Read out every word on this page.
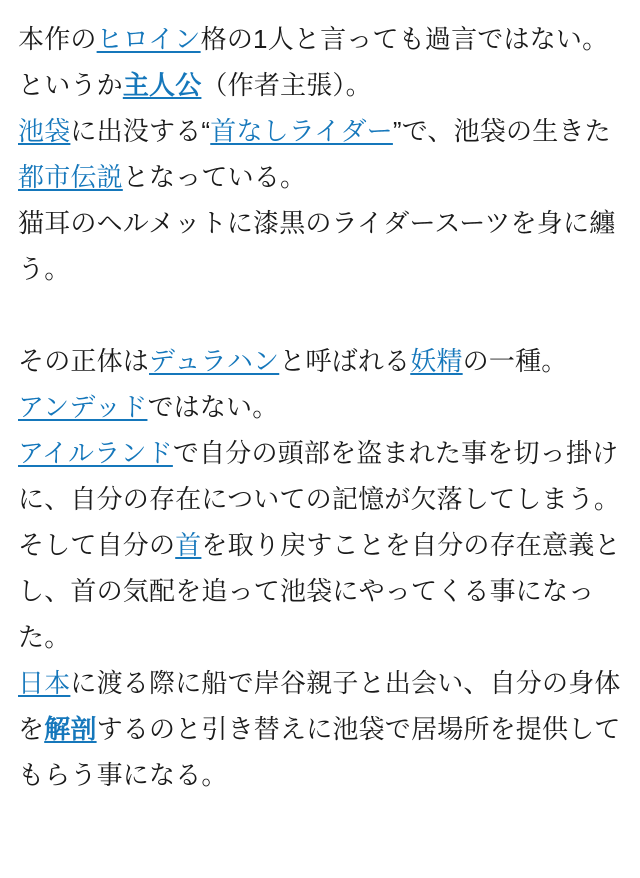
本作のヒロイン格の1人と言っても過言ではない。というか主人公（作者主張）。
池袋に出没する“首なしライダー”で、池袋の生きた都市伝説となっている。
猫耳のヘルメットに漆黒のライダースーツを身に纏う。
その正体はデュラハンと呼ばれる妖精の一種。
アンデッドではない。
アイルランドで自分の頭部を盗まれた事を切っ掛けに、自分の存在についての記憶が欠落してしまう。
そして自分の首を取り戻すことを自分の存在意義とし、首の気配を追って池袋にやってくる事になった。
日本に渡る際に船で岸谷親子と出会い、自分の身体を解剖するのと引き替えに池袋で居場所を提供してもらう事になる。
